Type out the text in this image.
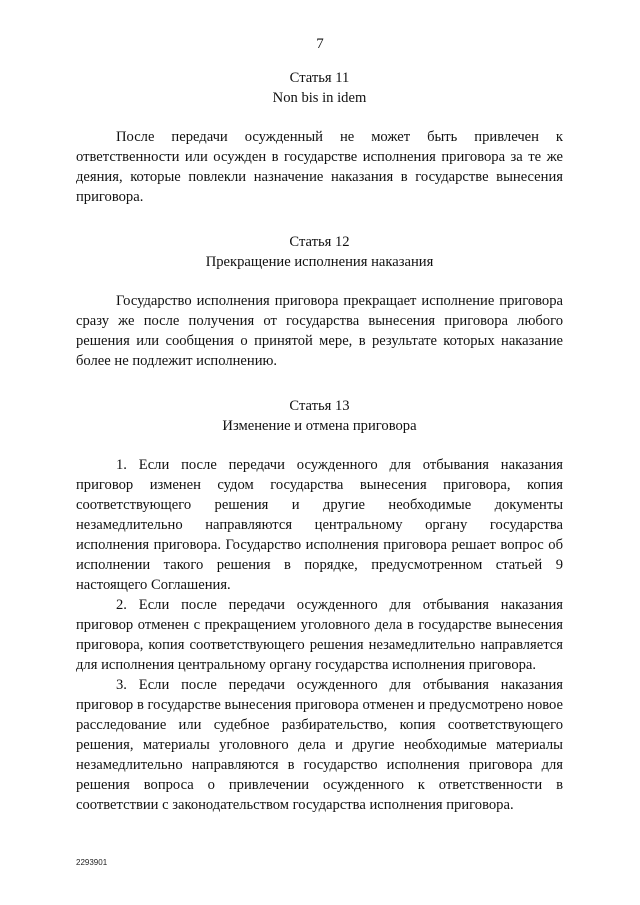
7
Статья 11
Non bis in idem

После передачи осужденный не может быть привлечен к ответственности или осужден в государстве исполнения приговора за те же деяния, которые повлекли назначение наказания в государстве вынесения приговора.

Статья 12
Прекращение исполнения наказания

Государство исполнения приговора прекращает исполнение приговора сразу же после получения от государства вынесения приговора любого решения или сообщения о принятой мере, в результате которых наказание более не подлежит исполнению.

Статья 13
Изменение и отмена приговора

1. Если после передачи осужденного для отбывания наказания приговор изменен судом государства вынесения приговора, копия соответствующего решения и другие необходимые документы незамедлительно направляются центральному органу государства исполнения приговора. Государство исполнения приговора решает вопрос об исполнении такого решения в порядке, предусмотренном статьей 9 настоящего Соглашения.

2. Если после передачи осужденного для отбывания наказания приговор отменен с прекращением уголовного дела в государстве вынесения приговора, копия соответствующего решения незамедлительно направляется для исполнения центральному органу государства исполнения приговора.

3. Если после передачи осужденного для отбывания наказания приговор в государстве вынесения приговора отменен и предусмотрено новое расследование или судебное разбирательство, копия соответствующего решения, материалы уголовного дела и другие необходимые материалы незамедлительно направляются в государство исполнения приговора для решения вопроса о привлечении осужденного к ответственности в соответствии с законодательством государства исполнения приговора.

2293901
